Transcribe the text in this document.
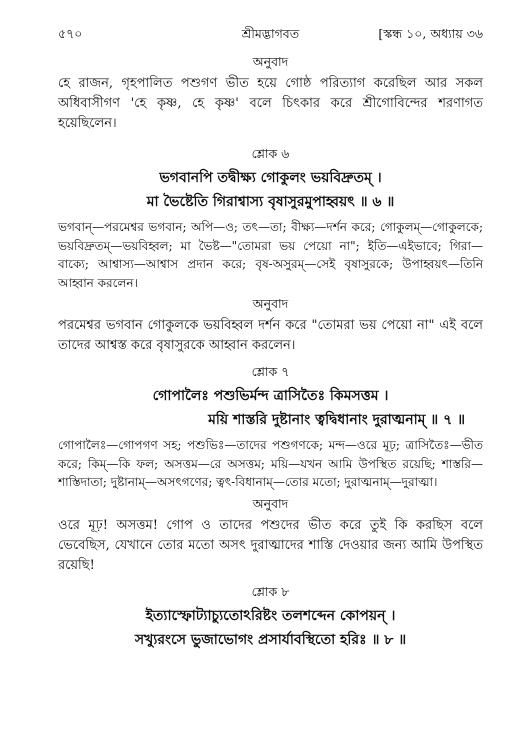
৫৭০	শ্রীমদ্ভাগবত	[স্কন্ধ ১০, অধ্যায় ৩৬

অনুবাদ

হে রাজন, গৃহপালিত পশুগণ ভীত হয়ে গোষ্ঠ পরিত্যাগ করেছিল আর সকল অধিবাসীগণ 'হে কৃষ্ণ, হে কৃষ্ণ' বলে চিৎকার করে শ্রীগোবিন্দের শরণাগত হয়েছিলেন।

শ্লোক ৬

ভগবানপি তদ্বীক্ষ্য গোকুলং ভয়বিদ্রুতম্ ।

মা ভৈষ্টেতি গিরাশ্বাস্য বৃষাসুরমুপাহ্বয়ৎ ॥ ৬ ॥

ভগবান্—পরমেশ্বর ভগবান; অপি—ও; তৎ—তা; বীক্ষ্য—দর্শন করে; গোকুলম্—গোকুলকে; ভয়বিদ্রুতম্—ভয়বিহ্বল; মা ভৈষ্ট—"তোমরা ভয় পেয়ো না"; ইতি—এইভাবে; গিরা—বাক্যে; আশ্বাস্য—আশ্বাস প্রদান করে; বৃষ-অসুরম্—সেই বৃষাসুরকে; উপাহ্বয়ৎ—তিনি আহ্বান করলেন।

অনুবাদ

পরমেশ্বর ভগবান গোকুলকে ভয়বিহ্বল দর্শন করে "তোমরা ভয় পেয়ো না" এই বলে তাদের আশ্বস্ত করে বৃষাসুরকে আহ্বান করলেন।

শ্লোক ৭

গোপালৈঃ পশুভির্মন্দ ত্রাসিতৈঃ কিমসত্তম ।

ময়ি শাস্তরি দুষ্টানাং ত্বদ্বিধানাং দুরাত্মনাম্ ॥ ৭ ॥

গোপালৈঃ—গোপগণ সহ; পশুভিঃ—তাদের পশুগণকে; মন্দ—ওরে মূঢ়; ত্রাসিতৈঃ—ভীত করে; কিম্—কি ফল; অসত্তম—রে অসত্তম; ময়ি—যখন আমি উপস্থিত রয়েছি; শাস্তরি—শাস্তিদাতা; দুষ্টানাম্—অসৎগণের; ত্বৎ-বিধানাম্—তোর মতো; দুরাত্মনাম্—দুরাত্মা।

অনুবাদ

ওরে মূঢ়! অসত্তম! গোপ ও তাদের পশুদের ভীত করে তুই কি করছিস বলে ভেবেছিস, যেখানে তোর মতো অসৎ দুরাত্মাদের শাস্তি দেওয়ার জন্য আমি উপস্থিত রয়েছি!

শ্লোক ৮

ইত্যাস্ফোট্যাচ্যুতোঽরিষ্টং তলশব্দেন কোপয়ন্ ।

সখ্যুরংসে ভুজাভোগং প্রসার্যাবস্থিতো হরিঃ ॥ ৮ ॥
